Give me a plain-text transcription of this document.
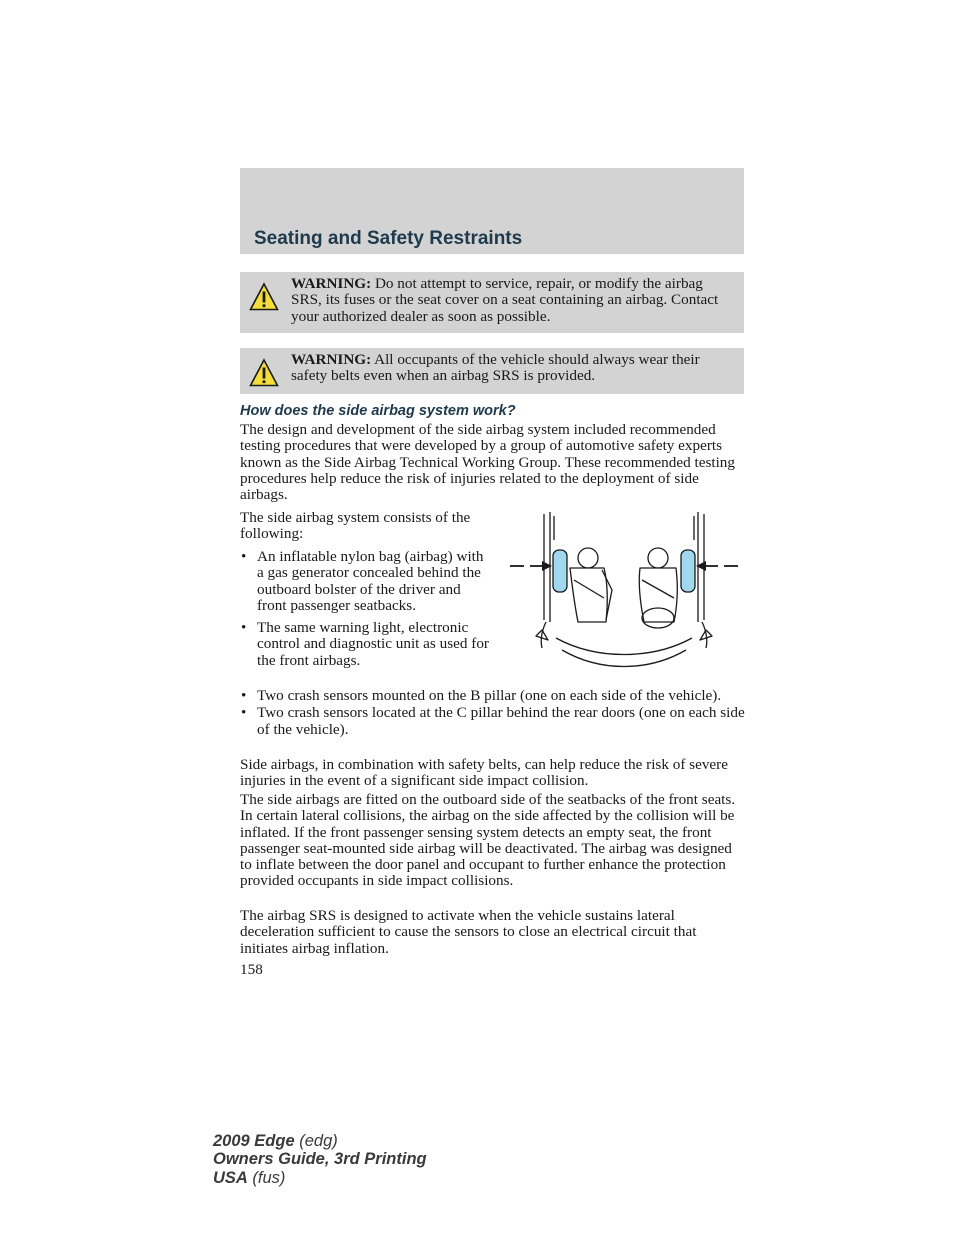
Seating and Safety Restraints
WARNING: Do not attempt to service, repair, or modify the airbag SRS, its fuses or the seat cover on a seat containing an airbag. Contact your authorized dealer as soon as possible.
WARNING: All occupants of the vehicle should always wear their safety belts even when an airbag SRS is provided.
How does the side airbag system work?

The design and development of the side airbag system included recommended testing procedures that were developed by a group of automotive safety experts known as the Side Airbag Technical Working Group. These recommended testing procedures help reduce the risk of injuries related to the deployment of side airbags.

The side airbag system consists of the following:

• An inflatable nylon bag (airbag) with a gas generator concealed behind the outboard bolster of the driver and front passenger seatbacks.
• The same warning light, electronic control and diagnostic unit as used for the front airbags.
• Two crash sensors mounted on the B pillar (one on each side of the vehicle).
• Two crash sensors located at the C pillar behind the rear doors (one on each side of the vehicle).

Side airbags, in combination with safety belts, can help reduce the risk of severe injuries in the event of a significant side impact collision.

The side airbags are fitted on the outboard side of the seatbacks of the front seats. In certain lateral collisions, the airbag on the side affected by the collision will be inflated. If the front passenger sensing system detects an empty seat, the front passenger seat-mounted side airbag will be deactivated. The airbag was designed to inflate between the door panel and occupant to further enhance the protection provided occupants in side impact collisions.

The airbag SRS is designed to activate when the vehicle sustains lateral deceleration sufficient to cause the sensors to close an electrical circuit that initiates airbag inflation.

158

2009 Edge (edg)
Owners Guide, 3rd Printing
USA (fus)
